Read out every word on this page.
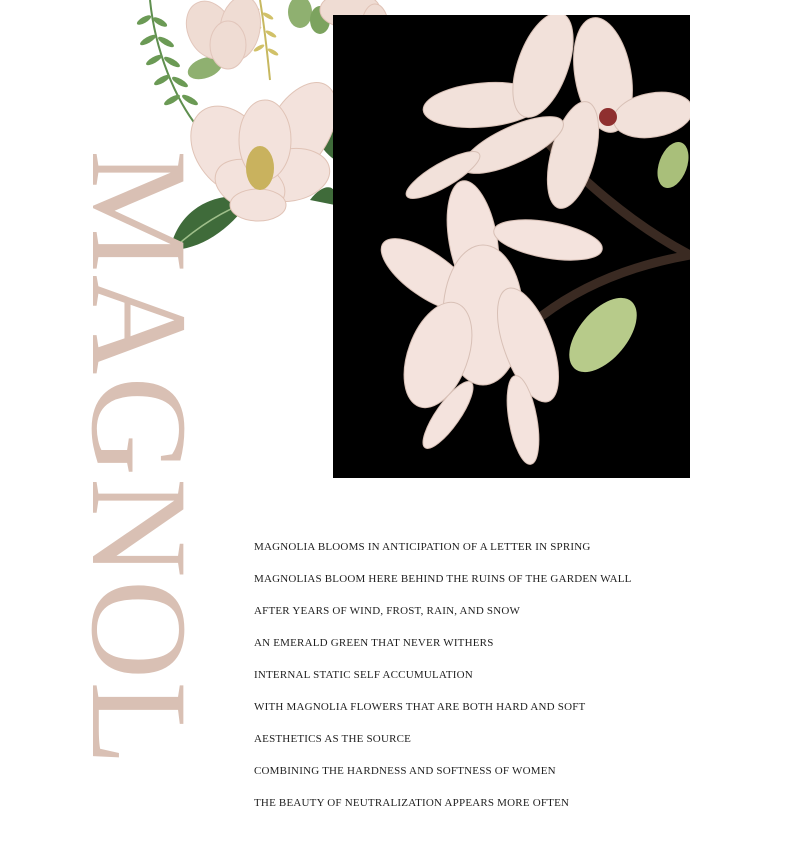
MAGNOL	MAGNOLIA BLOOMS IN ANTICIPATION OF A LETTER IN SPRING
MAGNOLIAS BLOOM HERE BEHIND THE RUINS OF THE GARDEN WALL
AFTER YEARS OF WIND, FROST, RAIN, AND SNOW
AN EMERALD GREEN THAT NEVER WITHERS
INTERNAL STATIC SELF ACCUMULATION
WITH MAGNOLIA FLOWERS THAT ARE BOTH HARD AND SOFT
AESTHETICS AS THE SOURCE
COMBINING THE HARDNESS AND SOFTNESS OF WOMEN
THE BEAUTY OF NEUTRALIZATION APPEARS MORE OFTEN
